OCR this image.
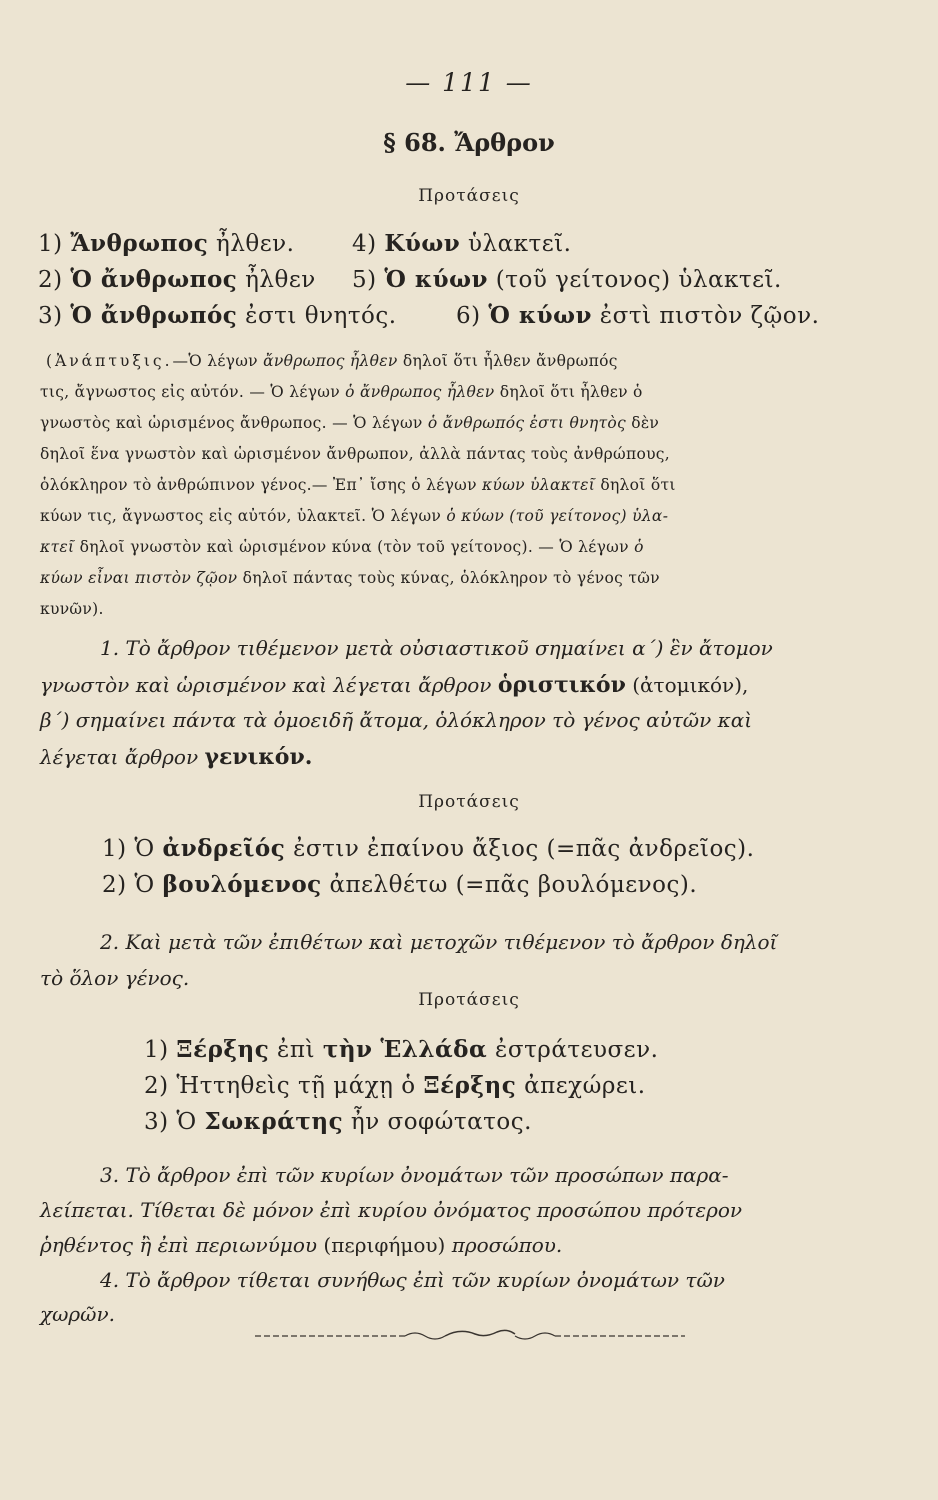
— 111 —
§ 68. Ἄρθρον
Προτάσεις
1) Ἄνθρωπος ἦλθεν.	4) Κύων ὑλακτεῖ.
2) Ὁ ἄνθρωπος ἦλθεν 5) Ὁ κύων (τοῦ γείτονος) ὑλακτεῖ.
3) Ὁ ἄνθρωπός ἐστι θνητός.	6) Ὁ κύων ἐστὶ πιστὸν ζῷον.
(Ἀνάπτυξις.—Ὁ λέγων ἄνθρωπος ἦλθεν δηλοῖ ὅτι ἦλθεν ἄνθρωπός
τις, ἄγνωστος εἰς αὐτόν. — Ὁ λέγων ὁ ἄνθρωπος ἦλθεν δηλοῖ ὅτι ἦλθεν ὁ
γνωστὸς καὶ ὡρισμένος ἄνθρωπος. — Ὁ λέγων ὁ ἄνθρωπός ἐστι θνητὸς δὲν
δηλοῖ ἕνα γνωστὸν καὶ ὡρισμένον ἄνθρωπον, ἀλλὰ πάντας τοὺς ἀνθρώπους,
ὁλόκληρον τὸ ἀνθρώπινον γένος.— Ἐπ᾽ ἴσης ὁ λέγων κύων ὑλακτεῖ δηλοῖ ὅτι
κύων τις, ἄγνωστος εἰς αὐτόν, ὑλακτεῖ. Ὁ λέγων ὁ κύων (τοῦ γείτονος) ὑλα-
κτεῖ δηλοῖ γνωστὸν καὶ ὡρισμένον κύνα (τὸν τοῦ γείτονος). — Ὁ λέγων ὁ
κύων εἶναι πιστὸν ζῷον δηλοῖ πάντας τοὺς κύνας, ὁλόκληρον τὸ γένος τῶν
κυνῶν).
1. Τὸ ἄρθρον τιθέμενον μετὰ οὐσιαστικοῦ σημαίνει α´) ἓν ἄτομον
γνωστὸν καὶ ὡρισμένον καὶ λέγεται ἄρθρον ὁριστικόν (ἀτομικόν),
β´) σημαίνει πάντα τὰ ὁμοειδῆ ἄτομα, ὁλόκληρον τὸ γένος αὐτῶν καὶ
λέγεται ἄρθρον γενικόν.
Προτάσεις
1) Ὁ ἀνδρεῖός ἐστιν ἐπαίνου ἄξιος (=πᾶς ἀνδρεῖος).
2) Ὁ βουλόμενος ἀπελθέτω (=πᾶς βουλόμενος).
2. Καὶ μετὰ τῶν ἐπιθέτων καὶ μετοχῶν τιθέμενον τὸ ἄρθρον δηλοῖ
τὸ ὅλον γένος.
Προτάσεις
1) Ξέρξης ἐπὶ τὴν Ἑλλάδα ἐστράτευσεν.
2) Ἡττηθεὶς τῇ μάχῃ ὁ Ξέρξης ἀπεχώρει.
3) Ὁ Σωκράτης ἦν σοφώτατος.
3. Τὸ ἄρθρον ἐπὶ τῶν κυρίων ὀνομάτων τῶν προσώπων παρα-
λείπεται. Τίθεται δὲ μόνον ἐπὶ κυρίου ὀνόματος προσώπου πρότερον
ῥηθέντος ἢ ἐπὶ περιωνύμου (περιφήμου) προσώπου.
4. Τὸ ἄρθρον τίθεται συνήθως ἐπὶ τῶν κυρίων ὀνομάτων τῶν
χωρῶν.
